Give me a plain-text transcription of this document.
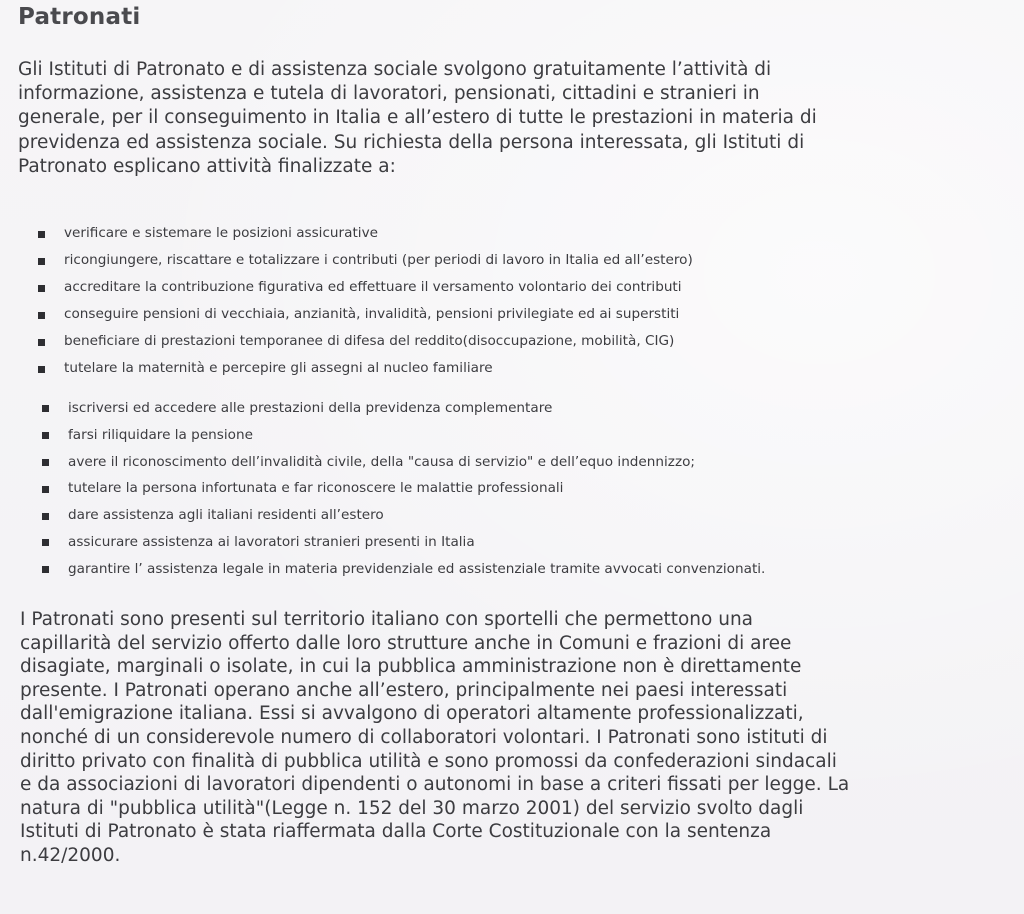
Patronati

Gli Istituti di Patronato e di assistenza sociale svolgono gratuitamente l’attività di
informazione, assistenza e tutela di lavoratori, pensionati, cittadini e stranieri in
generale, per il conseguimento in Italia e all’estero di tutte le prestazioni in materia di
previdenza ed assistenza sociale. Su richiesta della persona interessata, gli Istituti di
Patronato esplicano attività finalizzate a:

verificare e sistemare le posizioni assicurative
ricongiungere, riscattare e totalizzare i contributi (per periodi di lavoro in Italia ed all’estero)
accreditare la contribuzione figurativa ed effettuare il versamento volontario dei contributi
conseguire pensioni di vecchiaia, anzianità, invalidità, pensioni privilegiate ed ai superstiti
beneficiare di prestazioni temporanee di difesa del reddito(disoccupazione, mobilità, CIG)
tutelare la maternità e percepire gli assegni al nucleo familiare
iscriversi ed accedere alle prestazioni della previdenza complementare
farsi riliquidare la pensione
avere il riconoscimento dell’invalidità civile, della "causa di servizio" e dell’equo indennizzo;
tutelare la persona infortunata e far riconoscere le malattie professionali
dare assistenza agli italiani residenti all’estero
assicurare assistenza ai lavoratori stranieri presenti in Italia
garantire l’ assistenza legale in materia previdenziale ed assistenziale tramite avvocati convenzionati.

I Patronati sono presenti sul territorio italiano con sportelli che permettono una
capillarità del servizio offerto dalle loro strutture anche in Comuni e frazioni di aree
disagiate, marginali o isolate, in cui la pubblica amministrazione non è direttamente
presente. I Patronati operano anche all’estero, principalmente nei paesi interessati
dall'emigrazione italiana. Essi si avvalgono di operatori altamente professionalizzati,
nonché di un considerevole numero di collaboratori volontari. I Patronati sono istituti di
diritto privato con finalità di pubblica utilità e sono promossi da confederazioni sindacali
e da associazioni di lavoratori dipendenti o autonomi in base a criteri fissati per legge. La
natura di "pubblica utilità"(Legge n. 152 del 30 marzo 2001) del servizio svolto dagli
Istituti di Patronato è stata riaffermata dalla Corte Costituzionale con la sentenza
n.42/2000.
